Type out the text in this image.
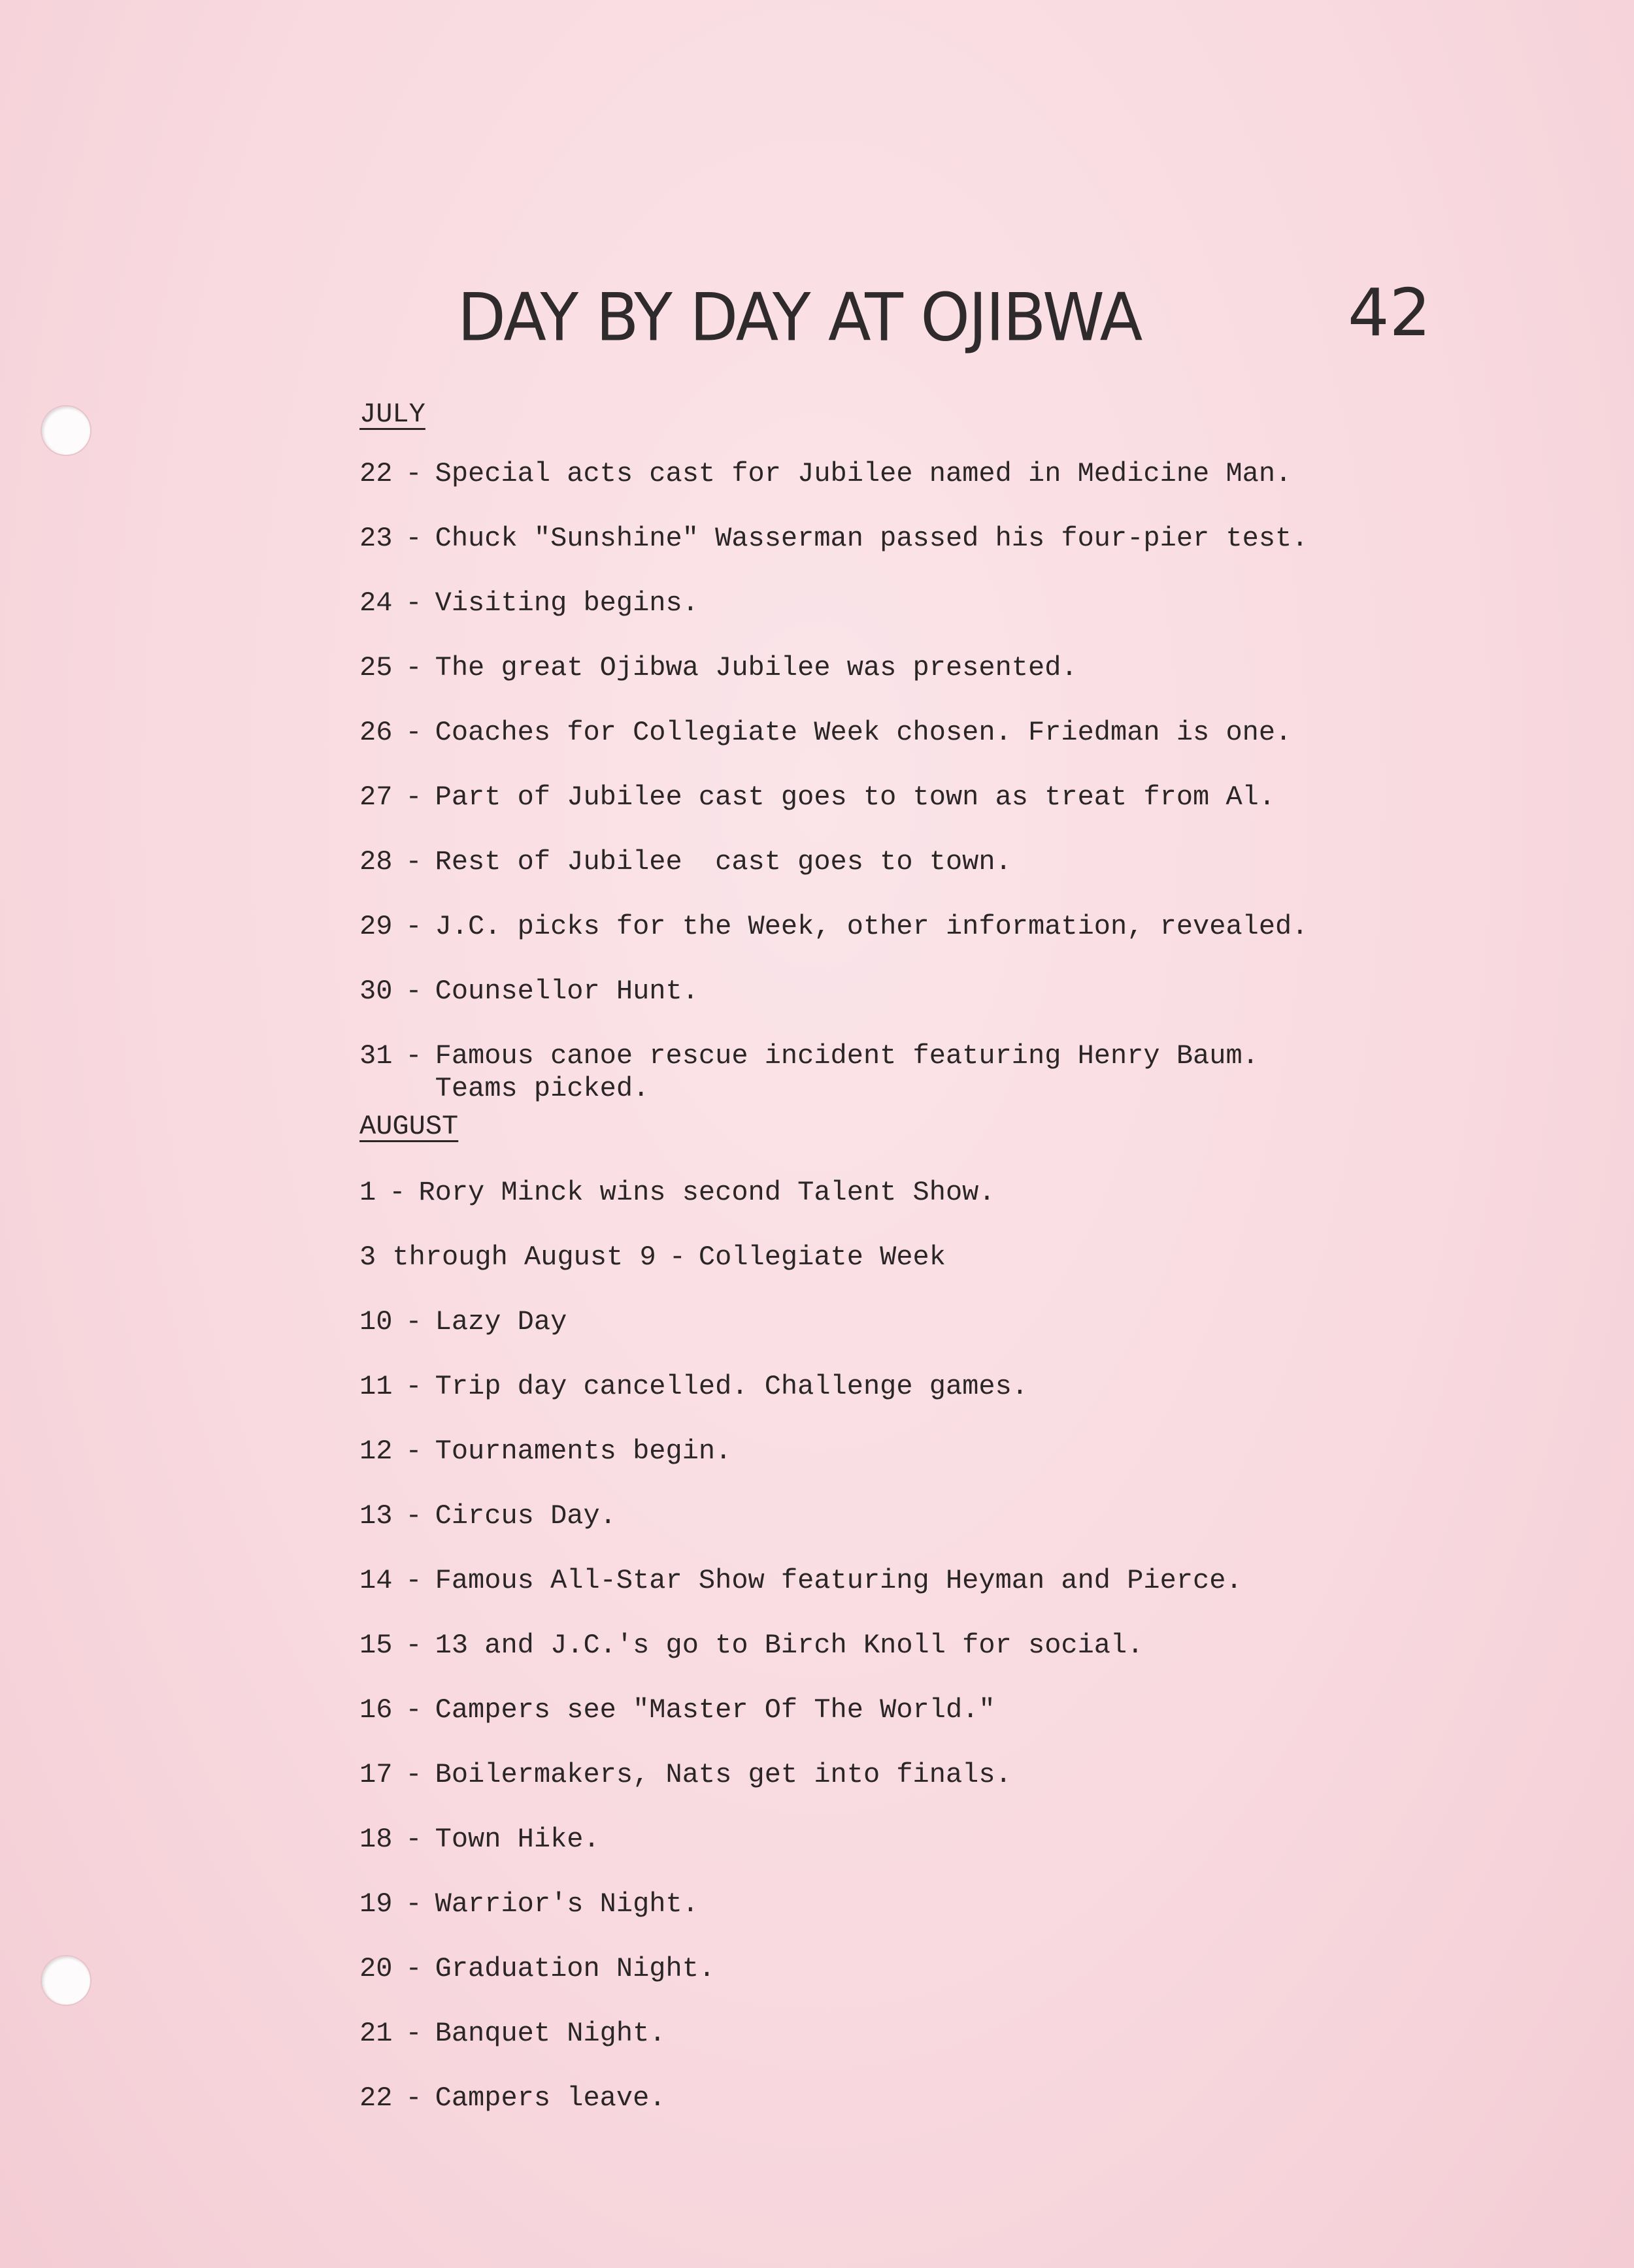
DAY BY DAY AT OJIBWA	42
JULY
22 - Special acts cast for Jubilee named in Medicine Man.
23 - Chuck "Sunshine" Wasserman passed his four-pier test.
24 - Visiting begins.
25 - The great Ojibwa Jubilee was presented.
26 - Coaches for Collegiate Week chosen. Friedman is one.
27 - Part of Jubilee cast goes to town as treat from Al.
28 - Rest of Jubilee  cast goes to town.
29 - J.C. picks for the Week, other information, revealed.
30 - Counsellor Hunt.
31 - Famous canoe rescue incident featuring Henry Baum.
Teams picked.
AUGUST
1 - Rory Minck wins second Talent Show.
3 through August 9 - Collegiate Week
10 - Lazy Day
11 - Trip day cancelled. Challenge games.
12 - Tournaments begin.
13 - Circus Day.
14 - Famous All-Star Show featuring Heyman and Pierce.
15 - 13 and J.C.'s go to Birch Knoll for social.
16 - Campers see "Master Of The World."
17 - Boilermakers, Nats get into finals.
18 - Town Hike.
19 - Warrior's Night.
20 - Graduation Night.
21 - Banquet Night.
22 - Campers leave.
